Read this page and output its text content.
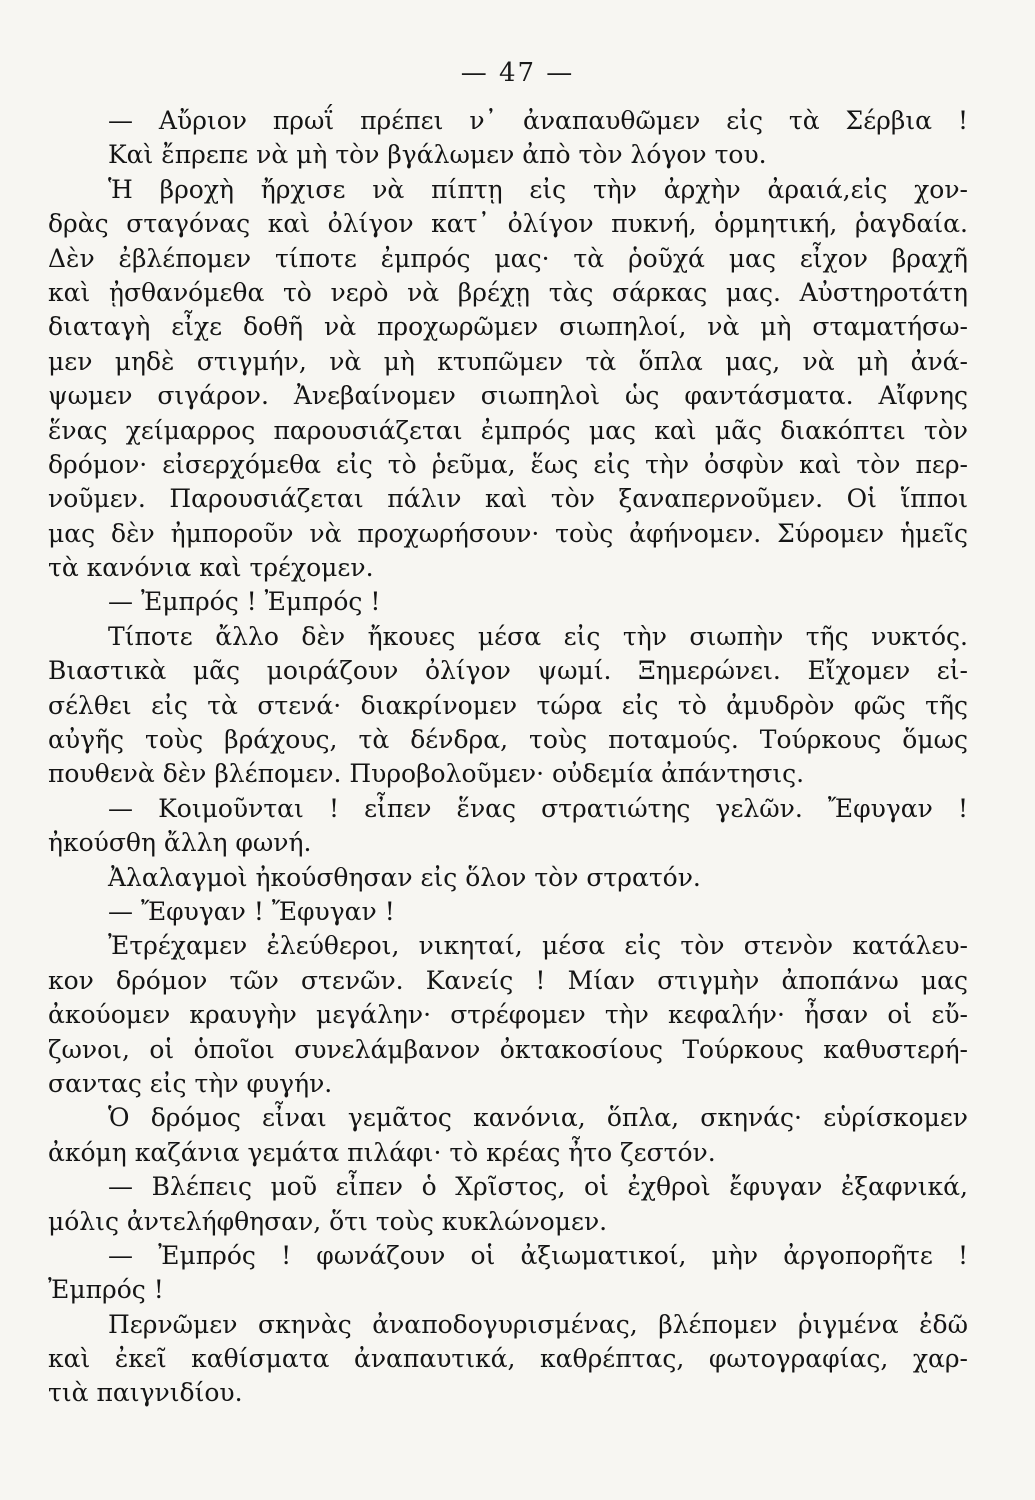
— 47 —
— Αὔριον πρωΐ πρέπει ν᾽ ἀναπαυθῶμεν εἰς τὰ Σέρβια !
Καὶ ἔπρεπε νὰ μὴ τὸν βγάλωμεν ἀπὸ τὸν λόγον του.
Ἡ βροχὴ ἤρχισε νὰ πίπτῃ εἰς τὴν ἀρχὴν ἀραιά,εἰς χον-
δρὰς σταγόνας καὶ ὀλίγον κατ᾽ ὀλίγον πυκνή, ὁρμητική, ῥαγδαία.
Δὲν ἐβλέπομεν τίποτε ἐμπρός μας· τὰ ῥοῦχά μας εἶχον βραχῆ
καὶ ᾐσθανόμεθα τὸ νερὸ νὰ βρέχῃ τὰς σάρκας μας. Αὐστηροτάτη
διαταγὴ εἶχε δοθῆ νὰ προχωρῶμεν σιωπηλοί, νὰ μὴ σταματήσω-
μεν μηδὲ στιγμήν, νὰ μὴ κτυπῶμεν τὰ ὅπλα μας, νὰ μὴ ἀνά-
ψωμεν σιγάρον. Ἀνεβαίνομεν σιωπηλοὶ ὡς φαντάσματα. Αἴφνης
ἕνας χείμαρρος παρουσιάζεται ἐμπρός μας καὶ μᾶς διακόπτει τὸν
δρόμον· εἰσερχόμεθα εἰς τὸ ῥεῦμα, ἕως εἰς τὴν ὀσφὺν καὶ τὸν περ-
νοῦμεν. Παρουσιάζεται πάλιν καὶ τὸν ξαναπερνοῦμεν. Οἱ ἵπποι
μας δὲν ἠμποροῦν νὰ προχωρήσουν· τοὺς ἀφήνομεν. Σύρομεν ἡμεῖς
τὰ κανόνια καὶ τρέχομεν.
— Ἐμπρός ! Ἐμπρός !
Τίποτε ἄλλο δὲν ἤκουες μέσα εἰς τὴν σιωπὴν τῆς νυκτός.
Βιαστικὰ μᾶς μοιράζουν ὀλίγον ψωμί. Ξημερώνει. Εἴχομεν εἰ-
σέλθει εἰς τὰ στενά· διακρίνομεν τώρα εἰς τὸ ἀμυδρὸν φῶς τῆς
αὐγῆς τοὺς βράχους, τὰ δένδρα, τοὺς ποταμούς. Τούρκους ὅμως
πουθενὰ δὲν βλέπομεν. Πυροβολοῦμεν· οὐδεμία ἀπάντησις.
— Κοιμοῦνται ! εἶπεν ἕνας στρατιώτης γελῶν. Ἔφυγαν !
ἠκούσθη ἄλλη φωνή.
Ἀλαλαγμοὶ ἠκούσθησαν εἰς ὅλον τὸν στρατόν.
— Ἔφυγαν ! Ἔφυγαν !
Ἐτρέχαμεν ἐλεύθεροι, νικηταί, μέσα εἰς τὸν στενὸν κατάλευ-
κον δρόμον τῶν στενῶν. Κανείς ! Μίαν στιγμὴν ἀποπάνω μας
ἀκούομεν κραυγὴν μεγάλην· στρέφομεν τὴν κεφαλήν· ἦσαν οἱ εὔ-
ζωνοι, οἱ ὁποῖοι συνελάμβανον ὀκτακοσίους Τούρκους καθυστερή-
σαντας εἰς τὴν φυγήν.
Ὁ δρόμος εἶναι γεμᾶτος κανόνια, ὅπλα, σκηνάς· εὑρίσκομεν
ἀκόμη καζάνια γεμάτα πιλάφι· τὸ κρέας ἦτο ζεστόν.
— Βλέπεις μοῦ εἶπεν ὁ Χρῖστος, οἱ ἐχθροὶ ἔφυγαν ἐξαφνικά,
μόλις ἀντελήφθησαν, ὅτι τοὺς κυκλώνομεν.
— Ἐμπρός ! φωνάζουν οἱ ἀξιωματικοί, μὴν ἀργοπορῆτε !
Ἐμπρός !
Περνῶμεν σκηνὰς ἀναποδογυρισμένας, βλέπομεν ῥιγμένα ἐδῶ
καὶ ἐκεῖ καθίσματα ἀναπαυτικά, καθρέπτας, φωτογραφίας, χαρ-
τιὰ παιγνιδίου.
